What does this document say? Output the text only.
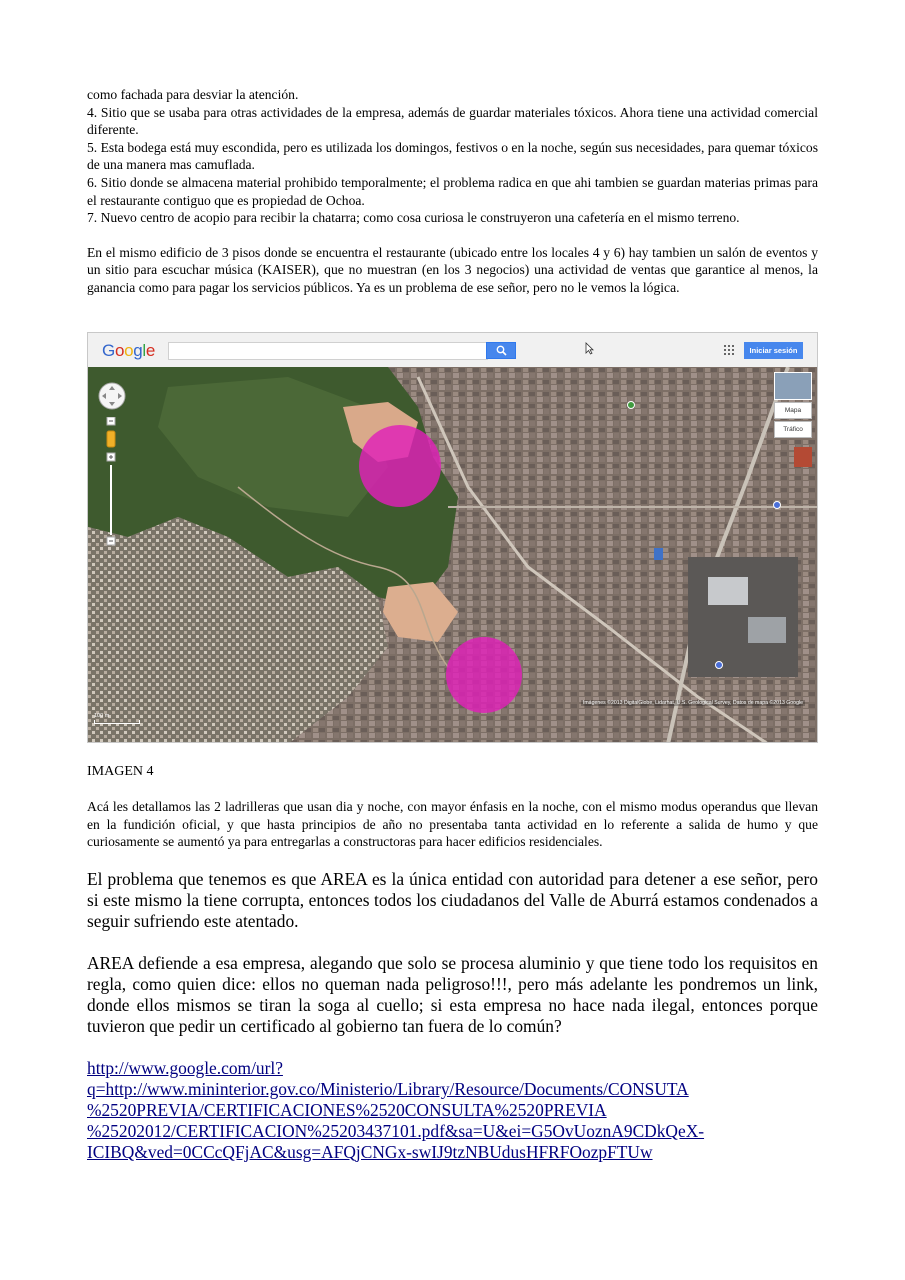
como fachada para desviar la atención.

4. Sitio que se usaba para otras actividades de la empresa, además de guardar materiales tóxicos. Ahora tiene una actividad comercial diferente.

5. Esta bodega está muy escondida, pero es utilizada los domingos, festivos o en la noche, según sus necesidades, para quemar tóxicos de una manera mas camuflada.

6. Sitio donde se almacena material prohibido temporalmente; el problema radica en que ahi tambien se guardan materias primas para el restaurante contiguo que es propiedad de Ochoa.

7. Nuevo centro de acopio para recibir la chatarra; como cosa curiosa le construyeron una cafetería en el mismo terreno.

En el mismo edificio de 3 pisos donde se encuentra el restaurante (ubicado entre los locales 4 y 6) hay tambien un salón de eventos y un sitio para escuchar música (KAISER), que no muestran (en los 3 negocios) una actividad de ventas que garantice al menos, la ganancia como para pagar los servicios públicos. Ya es un problema de ese señor, pero no le vemos la lógica.

Google	Iniciar sesión
Mapa
Tráfico
100 m
Imágenes ©2013 DigitalGlobe, Lidarhat, U.S. Geological Survey, Datos de mapa ©2013 Google
IMAGEN 4

Acá les detallamos las 2 ladrilleras que usan dia y noche, con mayor énfasis en la noche, con el mismo modus operandus que llevan en la fundición oficial, y que hasta principios de año no presentaba tanta actividad en lo referente a salida de humo y que curiosamente se aumentó ya para entregarlas a constructoras para hacer edificios residenciales.

El problema que tenemos es que AREA es la única entidad con autoridad para detener a ese señor, pero si este mismo la tiene corrupta, entonces todos los ciudadanos del Valle de Aburrá estamos condenados a seguir sufriendo este atentado.

AREA defiende a esa empresa, alegando que solo se procesa aluminio y que tiene todo los requisitos en regla, como quien dice: ellos no queman nada peligroso!!!, pero más adelante les pondremos un link, donde ellos mismos se tiran la soga al cuello; si esta empresa no hace nada ilegal, entonces porque tuvieron que pedir un certificado al gobierno tan fuera de lo común?

http://www.google.com/url?
q=http://www.mininterior.gov.co/Ministerio/Library/Resource/Documents/CONSUTA
%2520PREVIA/CERTIFICACIONES%2520CONSULTA%2520PREVIA
%25202012/CERTIFICACION%25203437101.pdf&sa=U&ei=G5OvUoznA9CDkQeX-
ICIBQ&ved=0CCcQFjAC&usg=AFQjCNGx-swIJ9tzNBUdusHFRFOozpFTUw
